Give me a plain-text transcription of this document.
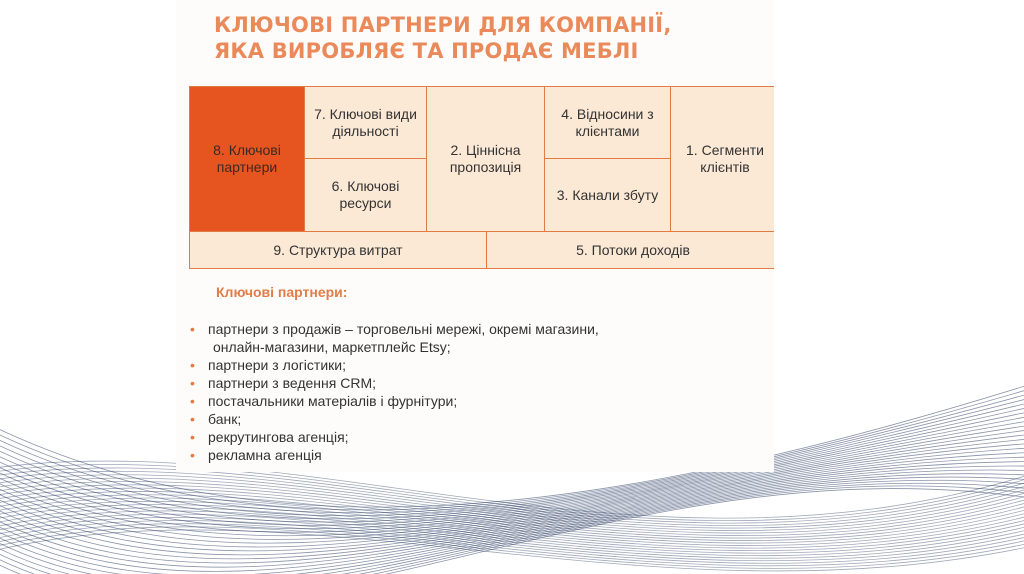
КЛЮЧОВІ ПАРТНЕРИ ДЛЯ КОМПАНІЇ,
ЯКА ВИРОБЛЯЄ ТА ПРОДАЄ МЕБЛІ
8. Ключові партнери
7. Ключові види діяльності
6. Ключові ресурси
2. Ціннісна пропозиція
4. Відносини з клієнтами
3. Канали збуту
1. Сегменти клієнтів
9. Структура витрат	5. Потоки доходів
Ключові партнери:
• партнери з продажів – торговельні мережі, окремі магазини,
онлайн-магазини, маркетплейс Etsy;
• партнери з логістики;
• партнери з ведення CRM;
• постачальники матеріалів і фурнітури;
• банк;
• рекрутингова агенція;
• рекламна агенція
